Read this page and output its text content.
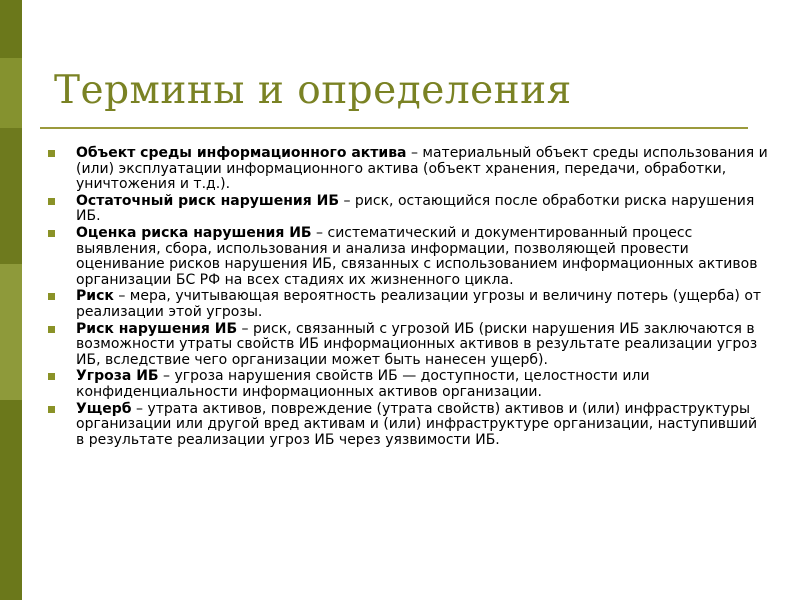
Термины и определения
Объект среды информационного актива – материальный объект среды использования и (или) эксплуатации информационного актива (объект хранения, передачи, обработки, уничтожения и т.д.).
Остаточный риск нарушения ИБ – риск, остающийся после обработки риска нарушения ИБ.
Оценка риска нарушения ИБ – систематический и документированный процесс выявления, сбора, использования и анализа информации, позволяющей провести оценивание рисков нарушения ИБ, связанных с использованием информационных активов организации БС РФ на всех стадиях их жизненного цикла.
Риск – мера, учитывающая вероятность реализации угрозы и величину потерь (ущерба) от реализации этой угрозы.
Риск нарушения ИБ – риск, связанный с угрозой ИБ (риски нарушения ИБ заключаются в возможности утраты свойств ИБ информационных активов в результате реализации угроз ИБ, вследствие чего организации может быть нанесен ущерб).
Угроза ИБ – угроза нарушения свойств ИБ — доступности, целостности или конфиденциальности информационных активов организации.
Ущерб – утрата активов, повреждение (утрата свойств) активов и (или) инфраструктуры организации или другой вред активам и (или) инфраструктуре организации, наступивший в результате реализации угроз ИБ через уязвимости ИБ.
